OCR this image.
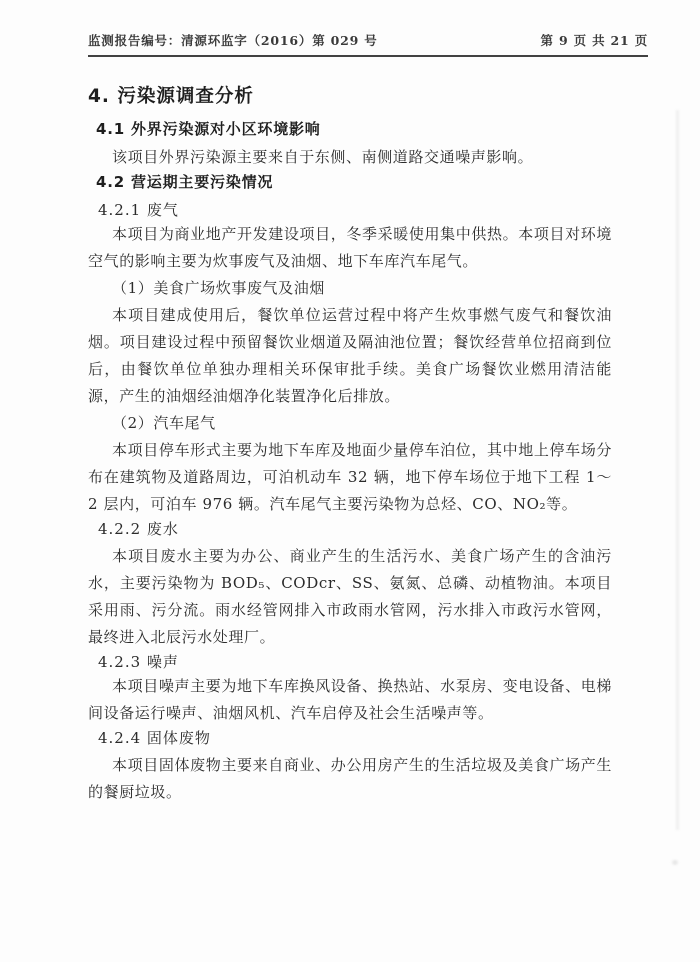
监测报告编号：清源环监字（2016）第 029 号	第 9 页 共 21 页
4. 污染源调查分析
4.1 外界污染源对小区环境影响

该项目外界污染源主要来自于东侧、南侧道路交通噪声影响。

4.2 营运期主要污染情况
4.2.1 废气

本项目为商业地产开发建设项目，冬季采暖使用集中供热。本项目对环境空气的影响主要为炊事废气及油烟、地下车库汽车尾气。

（1）美食广场炊事废气及油烟

本项目建成使用后，餐饮单位运营过程中将产生炊事燃气废气和餐饮油烟。项目建设过程中预留餐饮业烟道及隔油池位置；餐饮经营单位招商到位后，由餐饮单位单独办理相关环保审批手续。美食广场餐饮业燃用清洁能源，产生的油烟经油烟净化装置净化后排放。

（2）汽车尾气

本项目停车形式主要为地下车库及地面少量停车泊位，其中地上停车场分布在建筑物及道路周边，可泊机动车 32 辆，地下停车场位于地下工程 1～2 层内，可泊车 976 辆。汽车尾气主要污染物为总烃、CO、NO₂等。

4.2.2 废水

本项目废水主要为办公、商业产生的生活污水、美食广场产生的含油污水，主要污染物为 BOD₅、CODcr、SS、氨氮、总磷、动植物油。本项目采用雨、污分流。雨水经管网排入市政雨水管网，污水排入市政污水管网，最终进入北辰污水处理厂。

4.2.3 噪声

本项目噪声主要为地下车库换风设备、换热站、水泵房、变电设备、电梯间设备运行噪声、油烟风机、汽车启停及社会生活噪声等。

4.2.4 固体废物

本项目固体废物主要来自商业、办公用房产生的生活垃圾及美食广场产生的餐厨垃圾。
